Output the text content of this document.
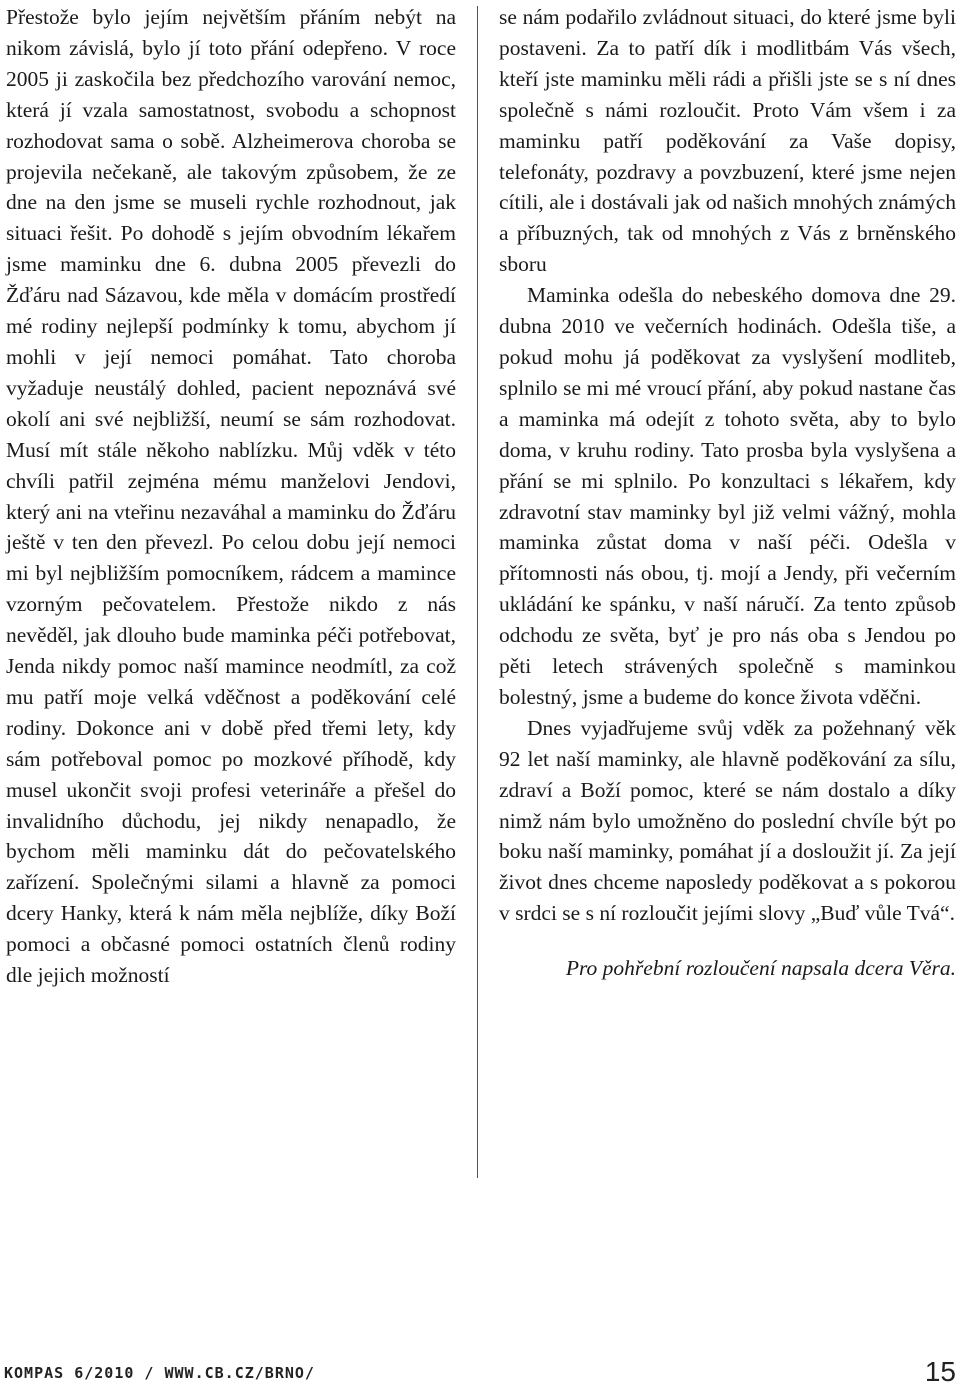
Přestože bylo jejím největším přáním nebýt na nikom závislá, bylo jí toto přání odepřeno. V roce 2005 ji zaskočila bez předchozího varování nemoc, která jí vzala samostatnost, svobodu a schopnost rozhodovat sama o sobě. Alzheimerova choroba se projevila nečekaně, ale takovým způsobem, že ze dne na den jsme se museli rychle rozhodnout, jak situaci řešit. Po dohodě s jejím obvodním lékařem jsme maminku dne 6. dubna 2005 převezli do Žďáru nad Sázavou, kde měla v domácím prostředí mé rodiny nejlepší podmínky k tomu, abychom jí mohli v její nemoci pomáhat. Tato choroba vyžaduje neustálý dohled, pacient nepoznává své okolí ani své nejbližší, neumí se sám rozhodovat. Musí mít stále někoho nablízku. Můj vděk v této chvíli patřil zejména mému manželovi Jendovi, který ani na vteřinu nezaváhal a maminku do Žďáru ještě v ten den převezl. Po celou dobu její nemoci mi byl nejbližším pomocníkem, rádcem a mamince vzorným pečovatelem. Přestože nikdo z nás nevěděl, jak dlouho bude maminka péči potřebovat, Jenda nikdy pomoc naší mamince neodmítl, za což mu patří moje velká vděčnost a poděkování celé rodiny. Dokonce ani v době před třemi lety, kdy sám potřeboval pomoc po mozkové příhodě, kdy musel ukončit svoji profesi veterináře a přešel do invalidního důchodu, jej nikdy nenapadlo, že bychom měli maminku dát do pečovatelského zařízení. Společnými silami a hlavně za pomoci dcery Hanky, která k nám měla nejblíže, díky Boží pomoci a občasné pomoci ostatních členů rodiny dle jejich možností

se nám podařilo zvládnout situaci, do které jsme byli postaveni. Za to patří dík i modlitbám Vás všech, kteří jste maminku měli rádi a přišli jste se s ní dnes společně s námi rozloučit. Proto Vám všem i za maminku patří poděkování za Vaše dopisy, telefonáty, pozdravy a povzbuzení, které jsme nejen cítili, ale i dostávali jak od našich mnohých známých a příbuzných, tak od mnohých z Vás z brněnského sboru

Maminka odešla do nebeského domova dne 29. dubna 2010 ve večerních hodinách. Odešla tiše, a pokud mohu já poděkovat za vyslyšení modliteb, splnilo se mi mé vroucí přání, aby pokud nastane čas a maminka má odejít z tohoto světa, aby to bylo doma, v kruhu rodiny. Tato prosba byla vyslyšena a přání se mi splnilo. Po konzultaci s lékařem, kdy zdravotní stav maminky byl již velmi vážný, mohla maminka zůstat doma v naší péči. Odešla v přítomnosti nás obou, tj. mojí a Jendy, při večerním ukládání ke spánku, v naší náručí. Za tento způsob odchodu ze světa, byť je pro nás oba s Jendou po pěti letech strávených společně s maminkou bolestný, jsme a budeme do konce života vděčni.

Dnes vyjadřujeme svůj vděk za požehnaný věk 92 let naší maminky, ale hlavně poděkování za sílu, zdraví a Boží pomoc, které se nám dostalo a díky nimž nám bylo umožněno do poslední chvíle být po boku naší maminky, pomáhat jí a dosloužit jí. Za její život dnes chceme naposledy poděkovat a s pokorou v srdci se s ní rozloučit jejími slovy „Buď vůle Tvá“.

Pro pohřební rozloučení napsala dcera Věra.

KOMPAS 6/2010 / WWW.CB.CZ/BRNO/	15
